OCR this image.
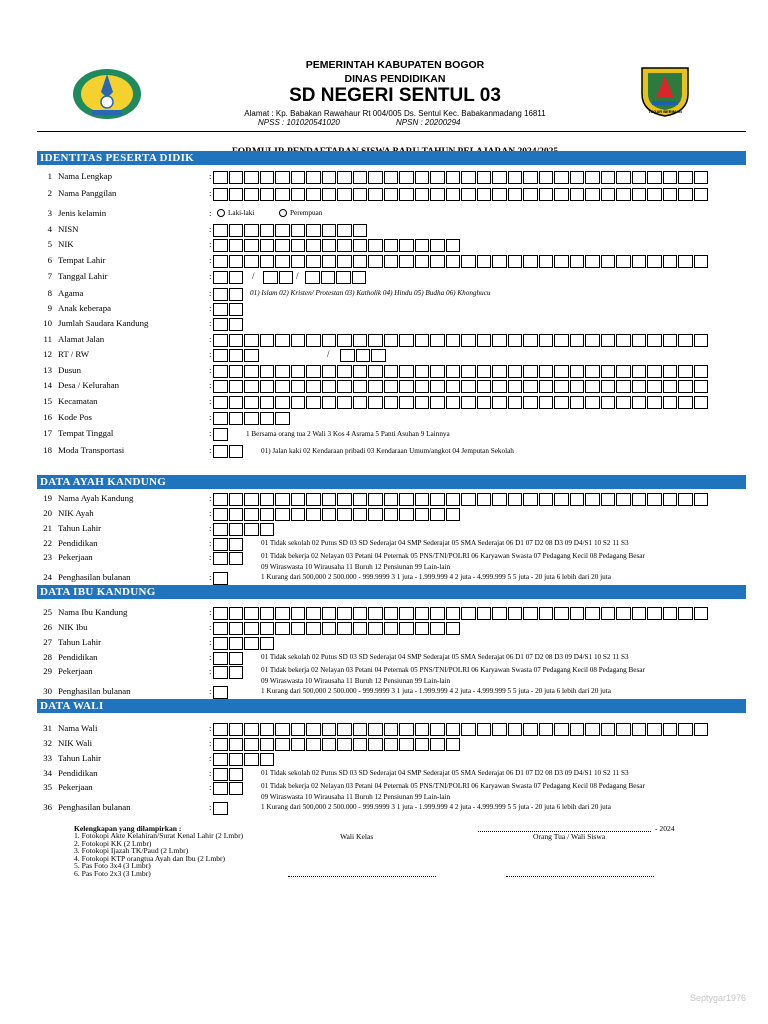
TEGAR BERIMAN
PEMERINTAH KABUPATEN BOGOR
DINAS PENDIDIKAN
SD NEGERI SENTUL 03
Alamat : Kp. Babakan Rawahaur Rt 004/005 Ds. Sentul Kec. Babakanmadang 16811
NPSS : 101020541020	NPSN : 20200294
IDENTITAS PESERTA DIDIK
DATA AYAH KANDUNG
DATA IBU KANDUNG
DATA WALI
1 Nama Lengkap	:
2 Nama Panggilan	:
3 Jenis kelamin	:	Laki-laki	Perempuan
4 NISN	:
5 NIK	:
6 Tempat Lahir	:
7 Tanggal Lahir	:	/	/
8 Agama	:	01) Islam 02) Kristen/ Protestan 03) Katholik 04) Hindu 05) Budha 06) Khonghucu
9 Anak keberapa	:
10 Jumlah Saudara Kandung	:
11 Alamat Jalan	:
12 RT / RW	:	/
13 Dusun	:
14 Desa / Kelurahan	:
15 Kecamatan	:
16 Kode Pos	:
17 Tempat Tinggal	:	1 Bersama orang tua 2 Wali 3 Kos 4 Asrama 5 Panti Asuhan 9 Lainnya
18 Moda Transportasi	:	01) Jalan kaki 02 Kendaraan pribadi 03 Kendaraan Umum/angkot 04 Jemputan Sekolah
19 Nama Ayah Kandung	:
20 NIK Ayah	:
21 Tahun Lahir	:
22 Pendidikan	:	01 Tidak sekolah 02 Putus SD 03 SD Sederajat 04 SMP Sederajat 05 SMA Sederajat 06 D1 07 D2 08 D3 09 D4/S1 10 S2 11 S3
23 Pekerjaan	:	01 Tidak bekerja 02 Nelayan 03 Petani 04 Peternak 05 PNS/TNI/POLRI 06 Karyawan Swasta 07 Pedagang Kecil 08 Pedagang Besar
09 Wiraswasta 10 Wirausaha 11 Buruh 12 Pensiunan 99 Lain-lain
24 Penghasilan bulanan	:	1 Kurang dari 500,000 2 500.000 - 999.9999 3 1 juta - 1.999.999 4 2 juta - 4.999.999 5 5 juta - 20 juta 6 lebih dari 20 juta
25 Nama Ibu Kandung	:
26 NIK Ibu	:
27 Tahun Lahir	:
28 Pendidikan	:	01 Tidak sekolah 02 Putus SD 03 SD Sederajat 04 SMP Sederajat 05 SMA Sederajat 06 D1 07 D2 08 D3 09 D4/S1 10 S2 11 S3
29 Pekerjaan	:	01 Tidak bekerja 02 Nelayan 03 Petani 04 Peternak 05 PNS/TNI/POLRI 06 Karyawan Swasta 07 Pedagang Kecil 08 Pedagang Besar
09 Wiraswasta 10 Wirausaha 11 Buruh 12 Pensiunan 99 Lain-lain
30 Penghasilan bulanan	:	1 Kurang dari 500,000 2 500.000 - 999.9999 3 1 juta - 1.999.999 4 2 juta - 4.999.999 5 5 juta - 20 juta 6 lebih dari 20 juta
31 Nama Wali	:
32 NIK Wali	:
33 Tahun Lahir	:
34 Pendidikan	:	01 Tidak sekolah 02 Putus SD 03 SD Sederajat 04 SMP Sederajat 05 SMA Sederajat 06 D1 07 D2 08 D3 09 D4/S1 10 S2 11 S3
35 Pekerjaan	:	01 Tidak bekerja 02 Nelayan 03 Petani 04 Peternak 05 PNS/TNI/POLRI 06 Karyawan Swasta 07 Pedagang Kecil 08 Pedagang Besar
09 Wiraswasta 10 Wirausaha 11 Buruh 12 Pensiunan 99 Lain-lain
36 Penghasilan bulanan	:	1 Kurang dari 500,000 2 500.000 - 999.9999 3 1 juta - 1.999.999 4 2 juta - 4.999.999 5 5 juta - 20 juta 6 lebih dari 20 juta
Kelengkapan yang dilampirkan :
1. Fotokopi Akte Kelahiran/Surat Kenal Lahir (2 Lmbr)
2. Fotokopi KK (2 Lmbr)
3. Fotokopi Ijazah TK/Paud (2 Lmbr)
4. Fotokopi KTP orangtua Ayah dan Ibu (2 Lmbr)
5. Pas Foto 3x4 (3 Lmbr)
6. Pas Foto 2x3 (3 Lmbr)
Wali Kelas
- 2024
Orang Tua / Wali Siswa
Septygar1976
